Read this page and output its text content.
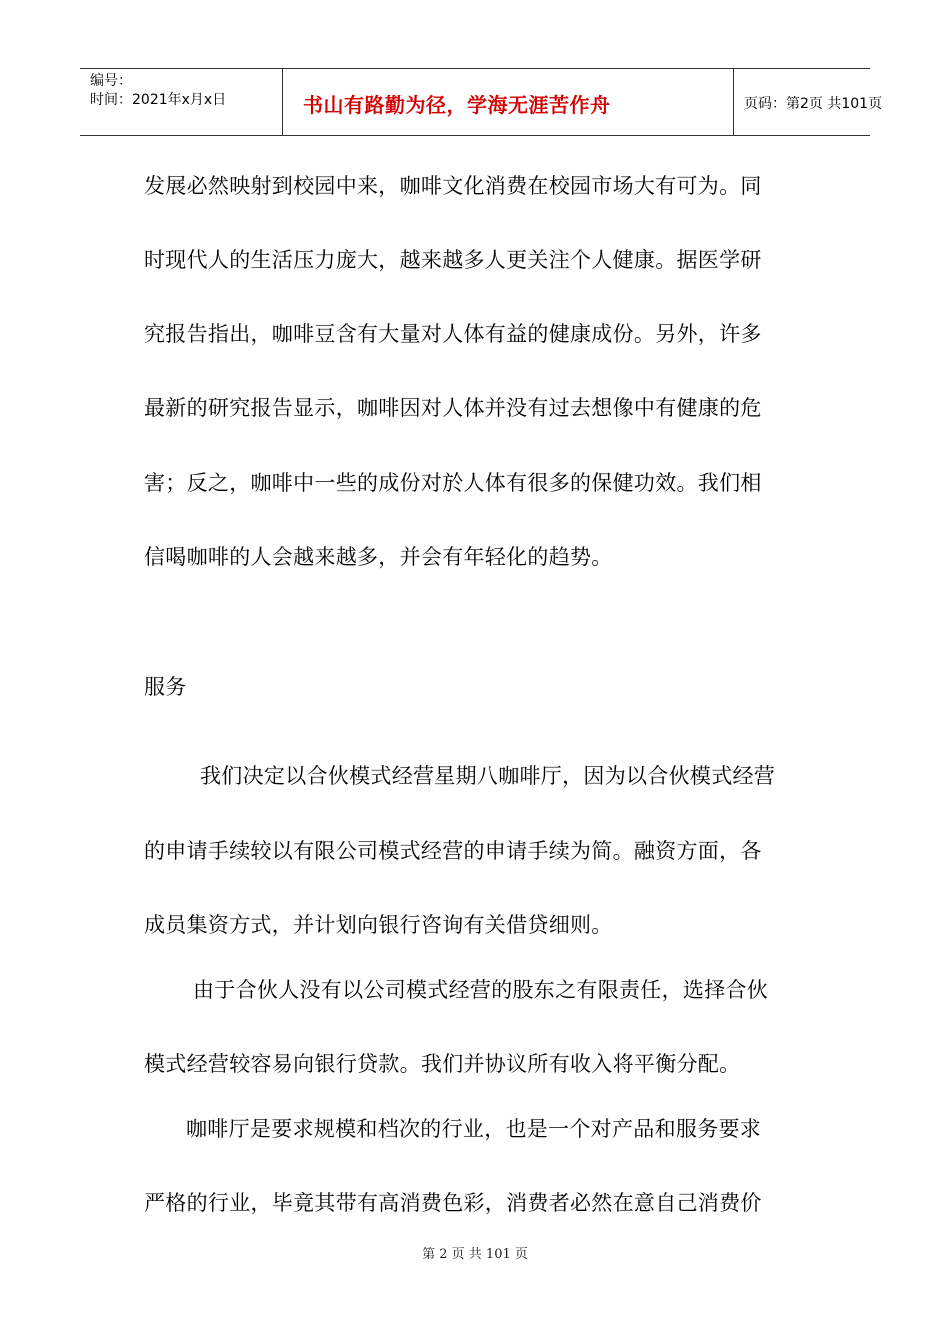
编号：
时间：2021年x月x日	书山有路勤为径，学海无涯苦作舟	页码：第2页 共101页
发展必然映射到校园中来，咖啡文化消费在校园市场大有可为。同
时现代人的生活压力庞大，越来越多人更关注个人健康。据医学研
究报告指出，咖啡豆含有大量对人体有益的健康成份。另外，许多
最新的研究报告显示，咖啡因对人体并没有过去想像中有健康的危
害；反之，咖啡中一些的成份对於人体有很多的保健功效。我们相
信喝咖啡的人会越来越多，并会有年轻化的趋势。
服务
我们决定以合伙模式经营星期八咖啡厅，因为以合伙模式经营
的申请手续较以有限公司模式经营的申请手续为简。融资方面，各
成员集资方式，并计划向银行咨询有关借贷细则。
由于合伙人没有以公司模式经营的股东之有限责任，选择合伙
模式经营较容易向银行贷款。我们并协议所有收入将平衡分配。
咖啡厅是要求规模和档次的行业，也是一个对产品和服务要求
严格的行业，毕竟其带有高消费色彩，消费者必然在意自己消费价
第 2 页 共 101 页
